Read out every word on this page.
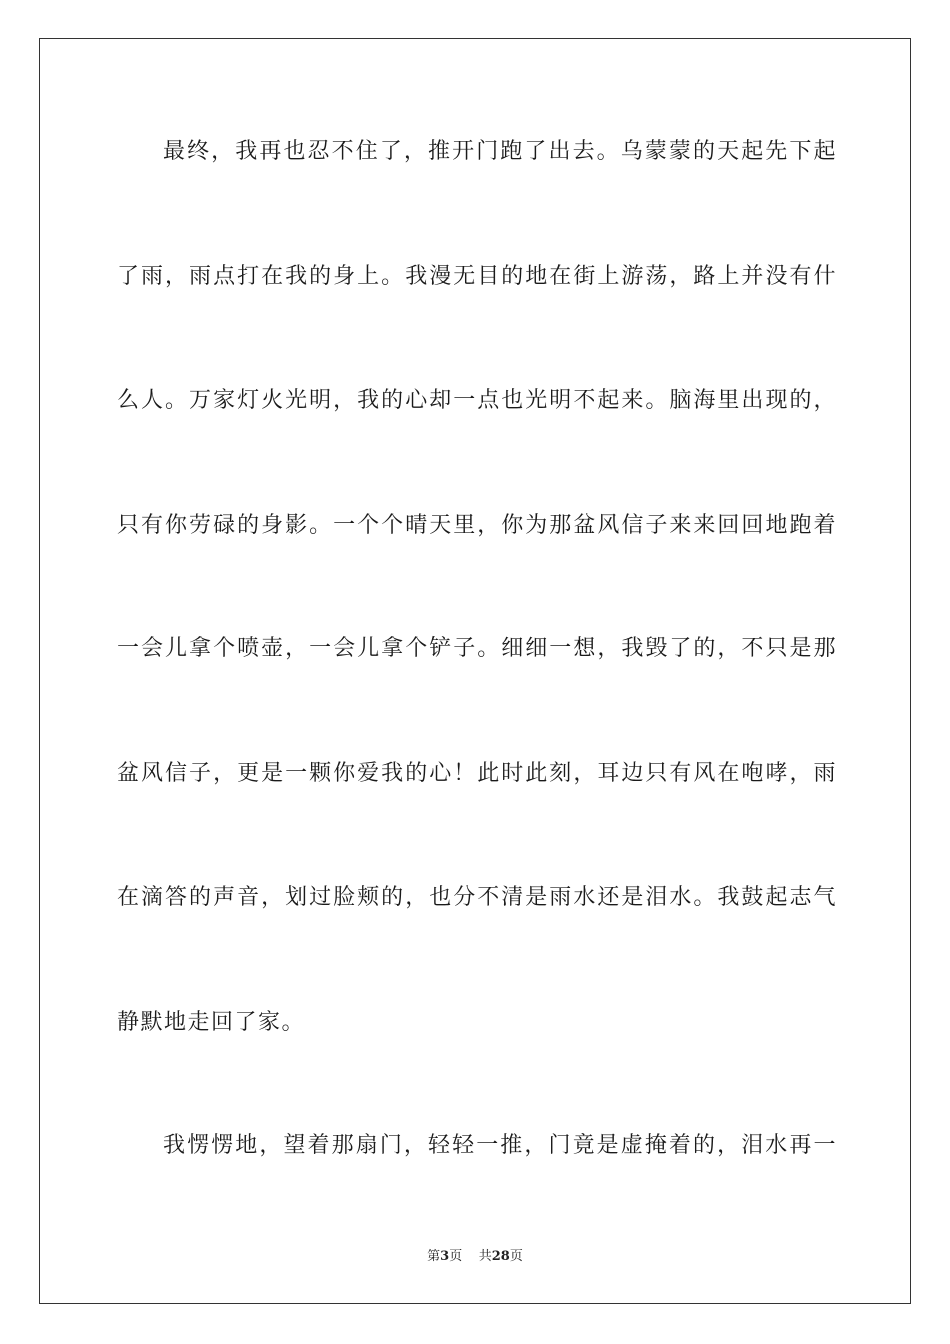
最终，我再也忍不住了，推开门跑了出去。乌蒙蒙的天起先下起
了雨，雨点打在我的身上。我漫无目的地在街上游荡，路上并没有什
么人。万家灯火光明，我的心却一点也光明不起来。脑海里出现的，
只有你劳碌的身影。一个个晴天里，你为那盆风信子来来回回地跑着
一会儿拿个喷壶，一会儿拿个铲子。细细一想，我毁了的，不只是那
盆风信子，更是一颗你爱我的心！此时此刻，耳边只有风在咆哮，雨
在滴答的声音，划过脸颊的，也分不清是雨水还是泪水。我鼓起志气
静默地走回了家。
我愣愣地，望着那扇门，轻轻一推，门竟是虚掩着的，泪水再一
第3页 共28页
